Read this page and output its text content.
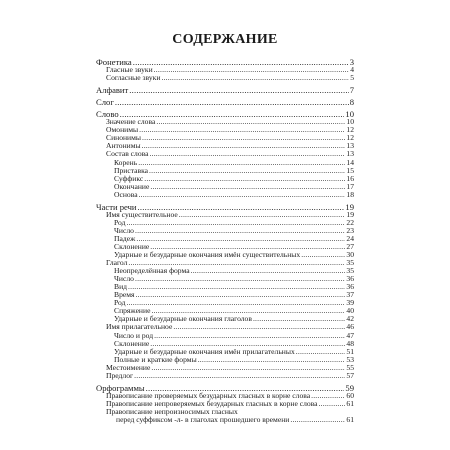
СОДЕРЖАНИЕ
Фонетика .....	3
Гласные звуки .....	4
Согласные звуки .....	5
Алфавит .....	7
Слог .....	8
Слово .....	10
Значение слова .....	10
Омонимы .....	12
Синонимы .....	12
Антонимы .....	13
Состав слова .....	13
Корень .....	14
Приставка .....	15
Суффикс .....	16
Окончание .....	17
Основа .....	18
Части речи .....	19
Имя существительное .....	19
Род .....	22
Число .....	23
Падеж .....	24
Склонение .....	27
Ударные и безударные окончания имён существительных .....	30
Глагол .....	35
Неопределённая форма .....	35
Число .....	36
Вид .....	36
Время .....	37
Род .....	39
Спряжение .....	40
Ударные и безударные окончания глаголов .....	42
Имя прилагательное .....	46
Число и род .....	47
Склонение .....	48
Ударные и безударные окончания имён прилагательных .....	51
Полные и краткие формы .....	53
Местоимение .....	55
Предлог .....	57
Орфограммы .....	59
Правописание проверяемых безударных гласных в корне слова .....	60
Правописание непроверяемых безударных гласных в корне слова .....	61
Правописание непроизносимых гласных
перед суффиксом -л- в глаголах прошедшего времени .....	61
